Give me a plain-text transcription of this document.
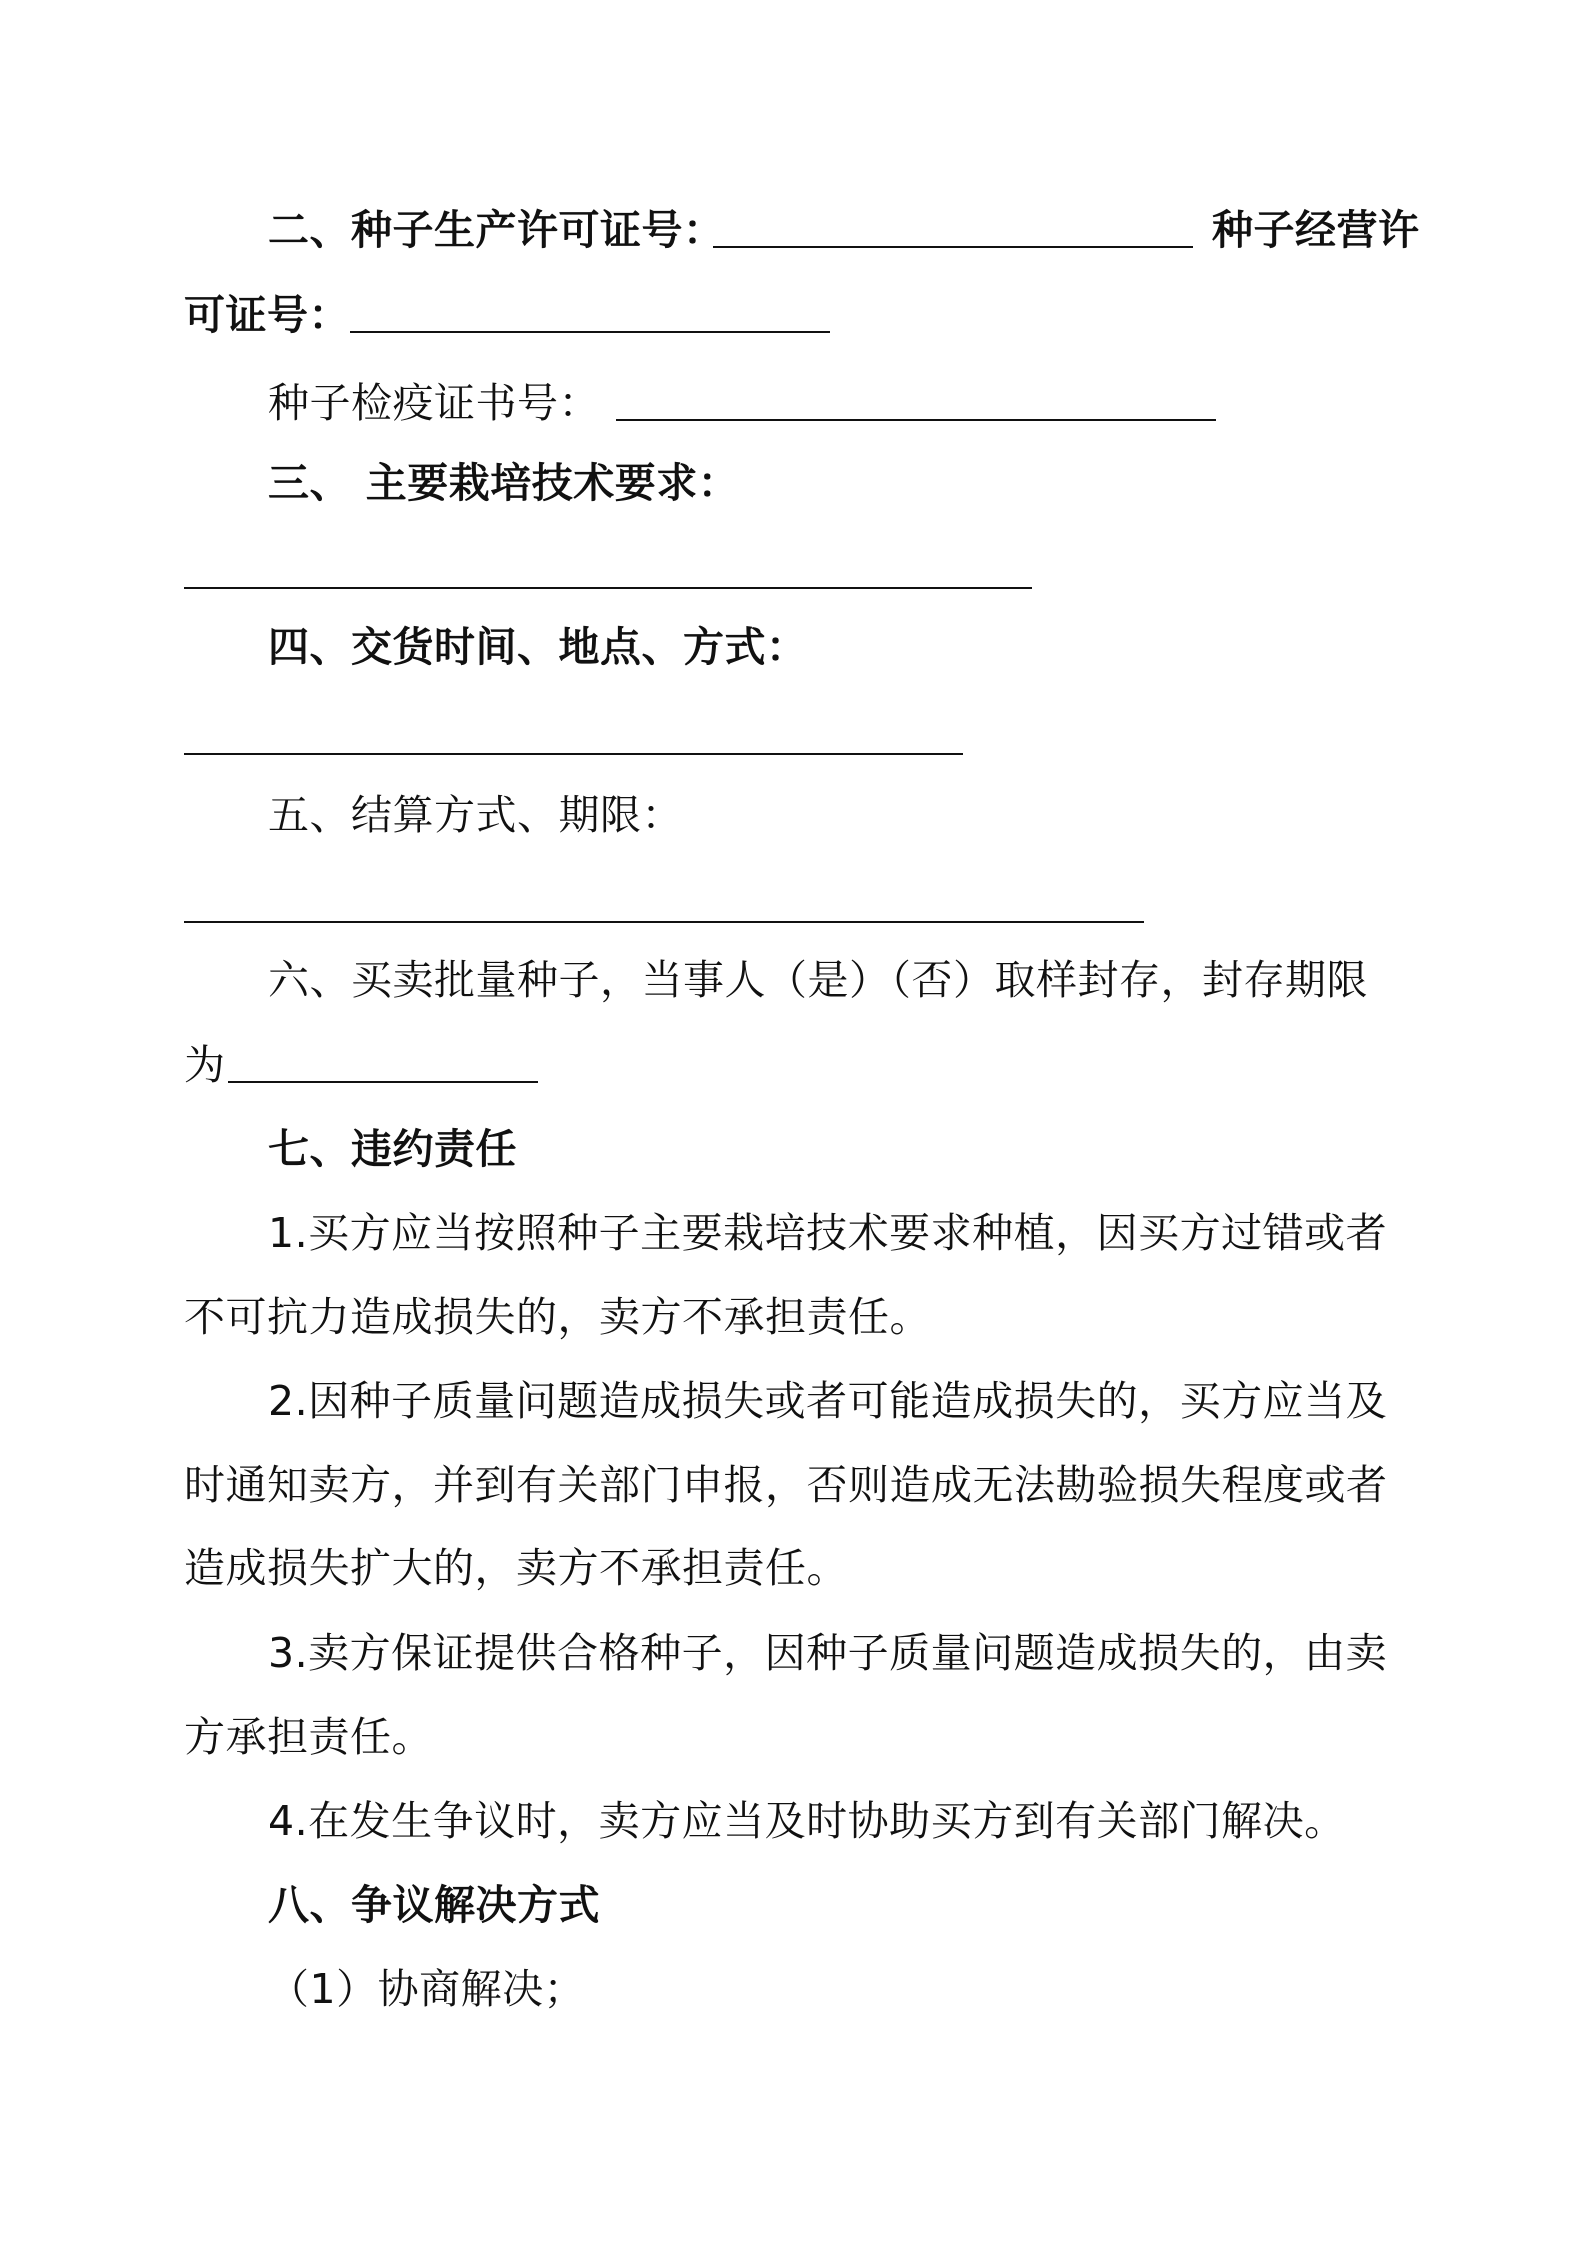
二、种子生产许可证号：	种子经营许
可证号：
种子检疫证书号：
三、 主要栽培技术要求：
四、交货时间、地点、方式：
五、结算方式、期限：
六、买卖批量种子，当事人（是）（否）取样封存，封存期限
为
七、违约责任
1.买方应当按照种子主要栽培技术要求种植，因买方过错或者
不可抗力造成损失的，卖方不承担责任。
2.因种子质量问题造成损失或者可能造成损失的，买方应当及
时通知卖方，并到有关部门申报，否则造成无法勘验损失程度或者
造成损失扩大的，卖方不承担责任。
3.卖方保证提供合格种子，因种子质量问题造成损失的，由卖
方承担责任。
4.在发生争议时，卖方应当及时协助买方到有关部门解决。
八、争议解决方式
（1）协商解决；
